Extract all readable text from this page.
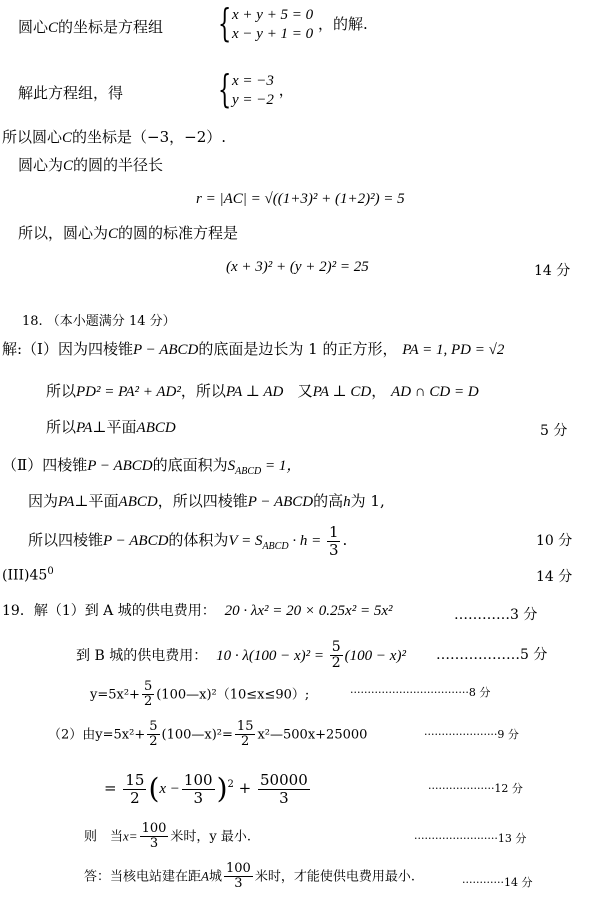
圆心C的坐标是方程组 { x + y + 5 = 0
x − y + 1 = 0
，的解.
解此方程组，得 { x = −3
y = −2
，
所以圆心C的坐标是（−3，−2）.
圆心为C的圆的半径长
r = |AC| = √((1+3)² + (1+2)²) = 5
所以，圆心为C的圆的标准方程是
(x + 3)² + (y + 2)² = 25	14 分
18. （本小题满分 14 分）
解:（Ⅰ）因为四棱锥P − ABCD的底面是边长为 1 的正方形， PA = 1, PD = √2
所以PD² = PA² + AD²，所以PA ⊥ AD 又PA ⊥ CD， AD ∩ CD = D
所以PA⊥平面ABCD	5 分
（Ⅱ）四棱锥P − ABCD的底面积为$S_{ABCD} = 1$，
因为PA⊥平面ABCD，所以四棱锥P − ABCD的高h为 1,
所以四棱锥P − ABCD的体积为$V = S_{ABCD} \cdot h = \frac{1}{3}$ .	10 分
$(III)45^0$	14 分
19．解（1）到 A 城的供电费用： 20 · λx² = 20 × 0.25x² = 5x²	…………3 分
到 B 城的供电费用： $10 \cdot \lambda(100 - x)^2 = \frac{5}{2} (100 - x)^2$ ………………5 分
$y=5x^2+ \frac{5}{2}$ (100—x)²（10≤x≤90）;	··································8 分
（2）由$y=5x^2+ \frac{5}{2}$ (100—x)²= $\frac{15}{2}$ x²—500x+25000	·····················9 分
= $\frac{15}{2} (x - \frac{100}{3} )^2 + \frac{50000}{3}$	···················12 分
则　当$x= \frac{100}{3}$ 米时，y 最小.	························13 分
答：当核电站建在距A城 $\frac{100}{3}$ 米时，才能使供电费用最小.	············14 分
